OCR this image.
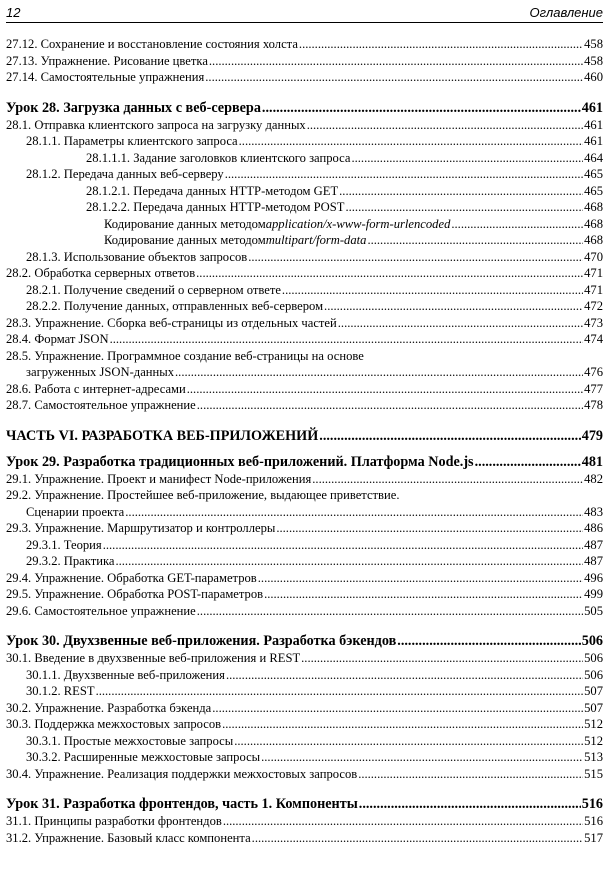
12	Оглавление
27.12. Сохранение и восстановление состояния холста .....	458
27.13. Упражнение. Рисование цветка .....	458
27.14. Самостоятельные упражнения .....	460
Урок 28. Загрузка данных с веб-сервера .....	461
28.1. Отправка клиентского запроса на загрузку данных .....	461
28.1.1. Параметры клиентского запроса .....	461
28.1.1.1. Задание заголовков клиентского запроса .....	464
28.1.2. Передача данных веб-серверу .....	465
28.1.2.1. Передача данных HTTP-методом GET .....	465
28.1.2.2. Передача данных HTTP-методом POST .....	468
Кодирование данных методом application/x-www-form-urlencoded .....	468
Кодирование данных методом multipart/form-data .....	468
28.1.3. Использование объектов запросов .....	470
28.2. Обработка серверных ответов .....	471
28.2.1. Получение сведений о серверном ответе .....	471
28.2.2. Получение данных, отправленных веб-сервером .....	472
28.3. Упражнение. Сборка веб-страницы из отдельных частей .....	473
28.4. Формат JSON .....	474
28.5. Упражнение. Программное создание веб-страницы на основе
загруженных JSON-данных .....	476
28.6. Работа с интернет-адресами .....	477
28.7. Самостоятельное упражнение .....	478
ЧАСТЬ VI. РАЗРАБОТКА ВЕБ-ПРИЛОЖЕНИЙ .....	479
Урок 29. Разработка традиционных веб-приложений. Платформа Node.js .....	481
29.1. Упражнение. Проект и манифест Node-приложения .....	482
29.2. Упражнение. Простейшее веб-приложение, выдающее приветствие.
Сценарии проекта .....	483
29.3. Упражнение. Маршрутизатор и контроллеры .....	486
29.3.1. Теория .....	487
29.3.2. Практика .....	487
29.4. Упражнение. Обработка GET-параметров .....	496
29.5. Упражнение. Обработка POST-параметров .....	499
29.6. Самостоятельное упражнение .....	505
Урок 30. Двухзвенные веб-приложения. Разработка бэкендов .....	506
30.1. Введение в двухзвенные веб-приложения и REST .....	506
30.1.1. Двухзвенные веб-приложения .....	506
30.1.2. REST .....	507
30.2. Упражнение. Разработка бэкенда .....	507
30.3. Поддержка межхостовых запросов .....	512
30.3.1. Простые межхостовые запросы .....	512
30.3.2. Расширенные межхостовые запросы .....	513
30.4. Упражнение. Реализация поддержки межхостовых запросов .....	515
Урок 31. Разработка фронтендов, часть 1. Компоненты .....	516
31.1. Принципы разработки фронтендов .....	516
31.2. Упражнение. Базовый класс компонента .....	517
